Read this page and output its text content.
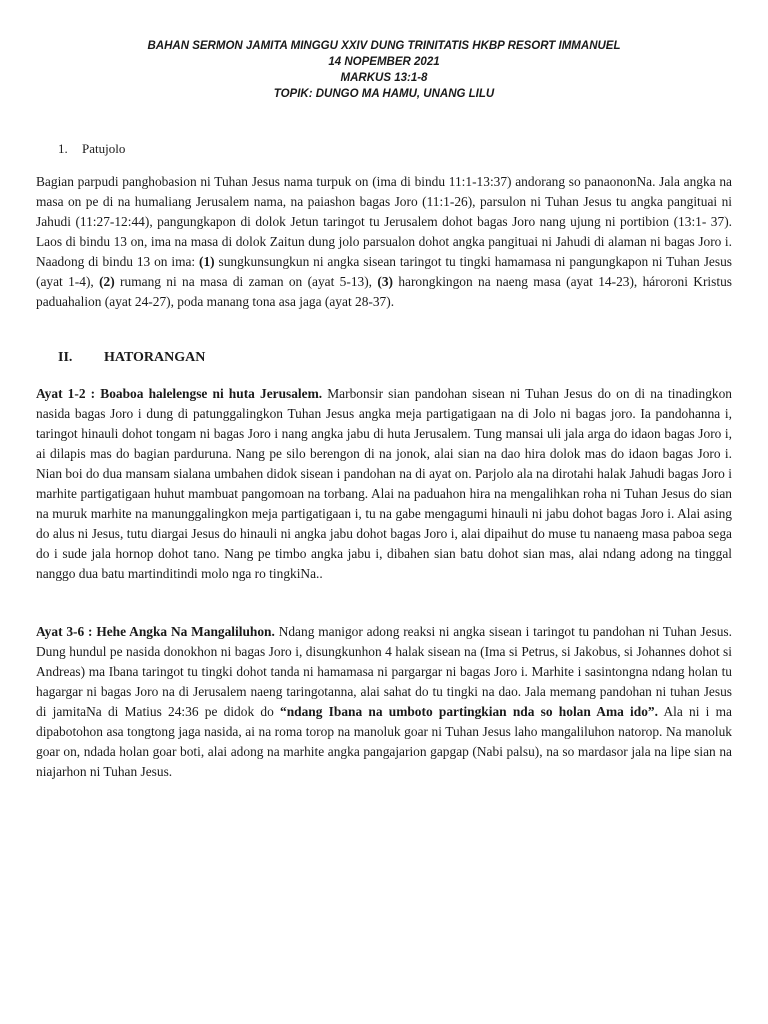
BAHAN SERMON JAMITA MINGGU XXIV DUNG TRINITATIS HKBP RESORT IMMANUEL
14 NOPEMBER 2021
MARKUS 13:1-8
TOPIK: DUNGO MA HAMU, UNANG LILU
1. Patujolo

Bagian parpudi panghobasion ni Tuhan Jesus nama turpuk on (ima di bindu 11:1-13:37) andorang so panaononNa. Jala angka na masa on pe di na humaliang Jerusalem nama, na paiashon bagas Joro (11:1-26), parsulon ni Tuhan Jesus tu angka pangituai ni Jahudi (11:27-12:44), pangungkapon di dolok Jetun taringot tu Jerusalem dohot bagas Joro nang ujung ni portibion (13:1- 37). Laos di bindu 13 on, ima na masa di dolok Zaitun dung jolo parsualon dohot angka pangituai ni Jahudi di alaman ni bagas Joro i. Naadong di bindu 13 on ima: (1) sungkunsungkun ni angka sisean taringot tu tingki hamamasa ni pangungkapon ni Tuhan Jesus (ayat 1-4), (2) rumang ni na masa di zaman on (ayat 5-13), (3) harongkingon na naeng masa (ayat 14-23), hároroni Kristus paduahalion (ayat 24-27), poda manang tona asa jaga (ayat 28-37).

II. HATORANGAN

Ayat 1-2 : Boaboa halelengse ni huta Jerusalem. Marbonsir sian pandohan sisean ni Tuhan Jesus do on di na tinadingkon nasida bagas Joro i dung di patunggalingkon Tuhan Jesus angka meja partigatigaan na di Jolo ni bagas joro. Ia pandohanna i, taringot hinauli dohot tongam ni bagas Joro i nang angka jabu di huta Jerusalem. Tung mansai uli jala arga do idaon bagas Joro i, ai dilapis mas do bagian parduruna. Nang pe silo berengon di na jonok, alai sian na dao hira dolok mas do idaon bagas Joro i. Nian boi do dua mansam sialana umbahen didok sisean i pandohan na di ayat on. Parjolo ala na dirotahi halak Jahudi bagas Joro i marhite partigatigaan huhut mambuat pangomoan na torbang. Alai na paduahon hira na mengalihkan roha ni Tuhan Jesus do sian na muruk marhite na manunggalingkon meja partigatigaan i, tu na gabe mengagumi hinauli ni jabu dohot bagas Joro i. Alai asing do alus ni Jesus, tutu diargai Jesus do hinauli ni angka jabu dohot bagas Joro i, alai dipaihut do muse tu nanaeng masa paboa sega do i sude jala hornop dohot tano. Nang pe timbo angka jabu i, dibahen sian batu dohot sian mas, alai ndang adong na tinggal nanggo dua batu martinditindi molo nga ro tingkiNa..

Ayat 3-6 : Hehe Angka Na Mangaliluhon. Ndang manigor adong reaksi ni angka sisean i taringot tu pandohan ni Tuhan Jesus. Dung hundul pe nasida donokhon ni bagas Joro i, disungkunhon 4 halak sisean na (Ima si Petrus, si Jakobus, si Johannes dohot si Andreas) ma Ibana taringot tu tingki dohot tanda ni hamamasa ni pargargar ni bagas Joro i. Marhite i sasintongna ndang holan tu hagargar ni bagas Joro na di Jerusalem naeng taringotanna, alai sahat do tu tingki na dao. Jala memang pandohan ni tuhan Jesus di jamitaNa di Matius 24:36 pe didok do “ndang Ibana na umboto partingkian nda so holan Ama ido”. Ala ni i ma dipabotohon asa tongtong jaga nasida, ai na roma torop na manoluk goar ni Tuhan Jesus laho mangaliluhon natorop. Na manoluk goar on, ndada holan goar boti, alai adong na marhite angka pangajarion gapgap (Nabi palsu), na so mardasor jala na lipe sian na niajarhon ni Tuhan Jesus.
